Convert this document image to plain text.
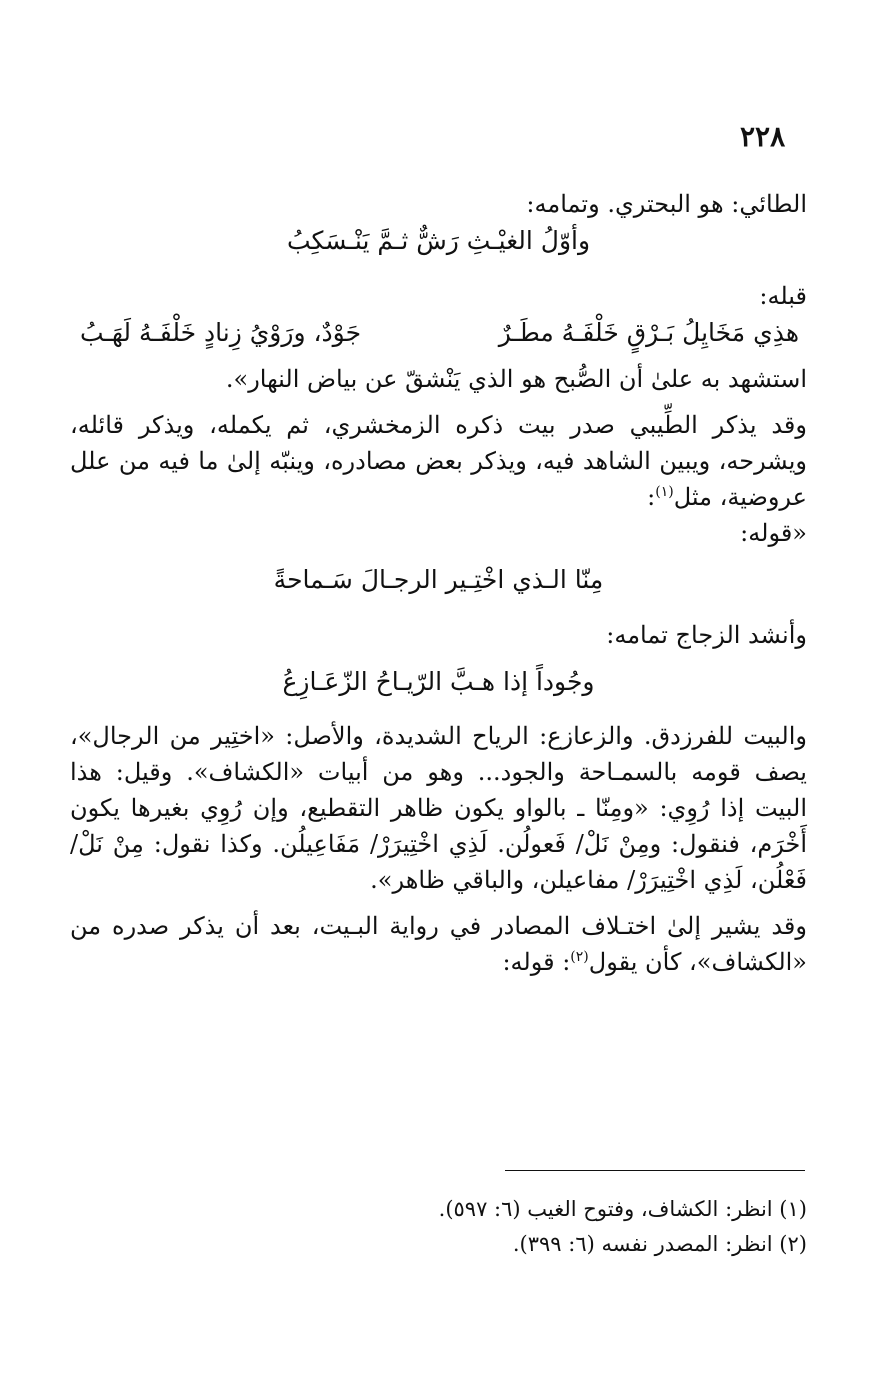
٢٢٨

الطائي: هو البحتري. وتمامه:

وأوّلُ الغيْـثِ رَشٌّ ثـمَّ يَنْـسَكِبُ

قبله:

هذِي مَخَايِلُ بَـرْقٍ خَلْفَـهُ مطَـرٌ
جَوْدٌ، ورَوْيُ زِنادٍ خَلْفَـهُ لَهَـبُ

استشهد به علىٰ أن الصُّبح هو الذي يَنْشقّ عن بياض النهار».

وقد يذكر الطِّيبي صدر بيت ذكره الزمخشري، ثم يكمله، ويذكر قائله، ويشرحه، ويبين الشاهد فيه، ويذكر بعض مصادره، وينبّه إلىٰ ما فيه من علل عروضية، مثل$^{(١)}$:

«قوله:

مِنّا الـذي اخْتِـير الرجـالَ سَـماحةً

وأنشد الزجاج تمامه:

وجُوداً إذا هـبَّ الرّيـاحُ الزّعَـازِعُ

والبيت للفرزدق. والزعازع: الرياح الشديدة، والأصل: «اختِير من الرجال»، يصف قومه بالسمـاحة والجود... وهو من أبيات «الكشاف». وقيل: هذا البيت إذا رُوِي: «ومِنّا ـ بالواو يكون ظاهر التقطيع، وإن رُوِي بغيرها يكون أَخْرَم، فنقول: ومِنْ نَلْ/ فَعولُن. لَذِي اخْتِيرَرْ/ مَفَاعِيلُن. وكذا نقول: مِنْ نَلْ/ فَعْلُن، لَذِي اخْتِيرَرْ/ مفاعيلن، والباقي ظاهر».

وقد يشير إلىٰ اختـلاف المصادر في رواية البـيت، بعد أن يذكر صدره من «الكشاف»، كأن يقول$^{(٢)}$: قوله:

(١) انظر: الكشاف، وفتوح الغيب (٦: ٥٩٧).

(٢) انظر: المصدر نفسه (٦: ٣٩٩).
